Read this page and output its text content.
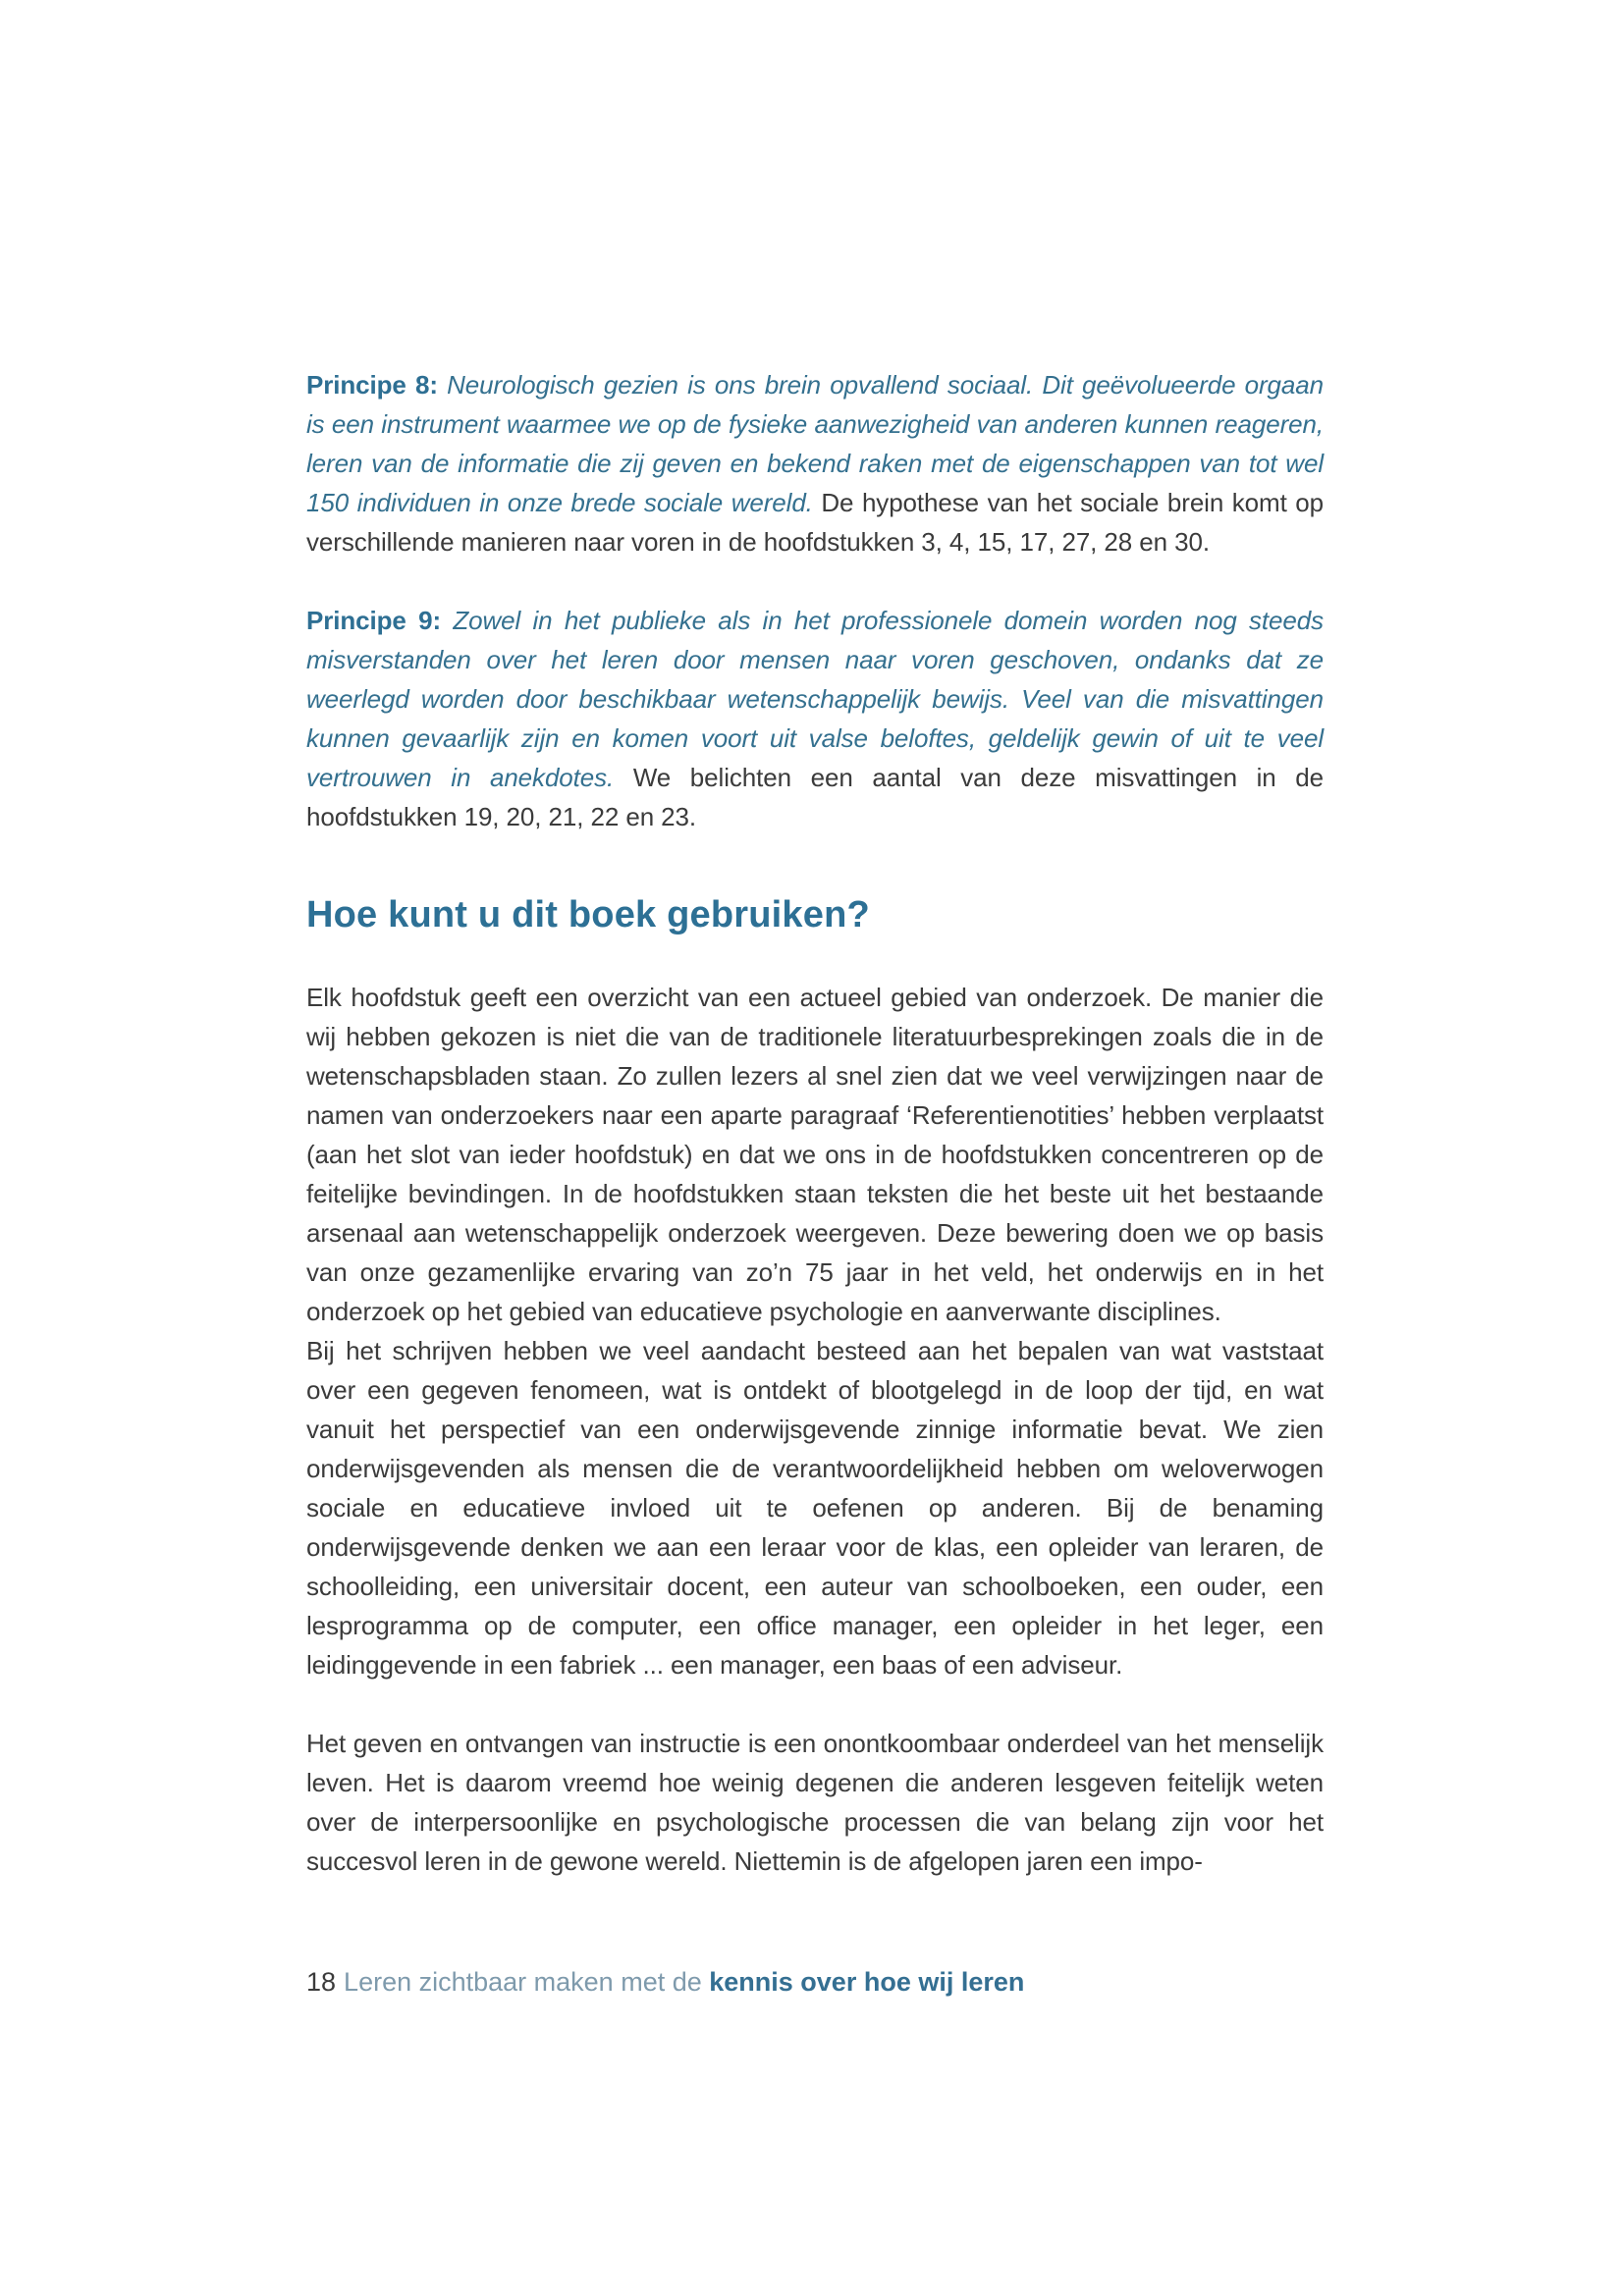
Principe 8: Neurologisch gezien is ons brein opvallend sociaal. Dit geëvolueerde orgaan is een instrument waarmee we op de fysieke aanwezigheid van anderen kunnen reageren, leren van de informatie die zij geven en bekend raken met de eigenschappen van tot wel 150 individuen in onze brede sociale wereld. De hypothese van het sociale brein komt op verschillende manieren naar voren in de hoofdstukken 3, 4, 15, 17, 27, 28 en 30.

Principe 9: Zowel in het publieke als in het professionele domein worden nog steeds misverstanden over het leren door mensen naar voren geschoven, ondanks dat ze weerlegd worden door beschikbaar wetenschappelijk bewijs. Veel van die misvattingen kunnen gevaarlijk zijn en komen voort uit valse beloftes, geldelijk gewin of uit te veel vertrouwen in anekdotes. We belichten een aantal van deze misvattingen in de hoofdstukken 19, 20, 21, 22 en 23.

Hoe kunt u dit boek gebruiken?

Elk hoofdstuk geeft een overzicht van een actueel gebied van onderzoek. De manier die wij hebben gekozen is niet die van de traditionele literatuurbesprekingen zoals die in de wetenschapsbladen staan. Zo zullen lezers al snel zien dat we veel verwijzingen naar de namen van onderzoekers naar een aparte paragraaf ‘Referentienotities’ hebben verplaatst (aan het slot van ieder hoofdstuk) en dat we ons in de hoofdstukken concentreren op de feitelijke bevindingen. In de hoofdstukken staan teksten die het beste uit het bestaande arsenaal aan wetenschappelijk onderzoek weergeven. Deze bewering doen we op basis van onze gezamenlijke ervaring van zo’n 75 jaar in het veld, het onderwijs en in het onderzoek op het gebied van educatieve psychologie en aanverwante disciplines.

Bij het schrijven hebben we veel aandacht besteed aan het bepalen van wat vaststaat over een gegeven fenomeen, wat is ontdekt of blootgelegd in de loop der tijd, en wat vanuit het perspectief van een onderwijsgevende zinnige informatie bevat. We zien onderwijsgevenden als mensen die de verantwoordelijkheid hebben om weloverwogen sociale en educatieve invloed uit te oefenen op anderen. Bij de benaming onderwijsgevende denken we aan een leraar voor de klas, een opleider van leraren, de schoolleiding, een universitair docent, een auteur van schoolboeken, een ouder, een lesprogramma op de computer, een office manager, een opleider in het leger, een leidinggevende in een fabriek ... een manager, een baas of een adviseur.

Het geven en ontvangen van instructie is een onontkoombaar onderdeel van het menselijk leven. Het is daarom vreemd hoe weinig degenen die anderen lesgeven feitelijk weten over de interpersoonlijke en psychologische processen die van belang zijn voor het succesvol leren in de gewone wereld. Niettemin is de afgelopen jaren een impo-

18 Leren zichtbaar maken met de kennis over hoe wij leren
